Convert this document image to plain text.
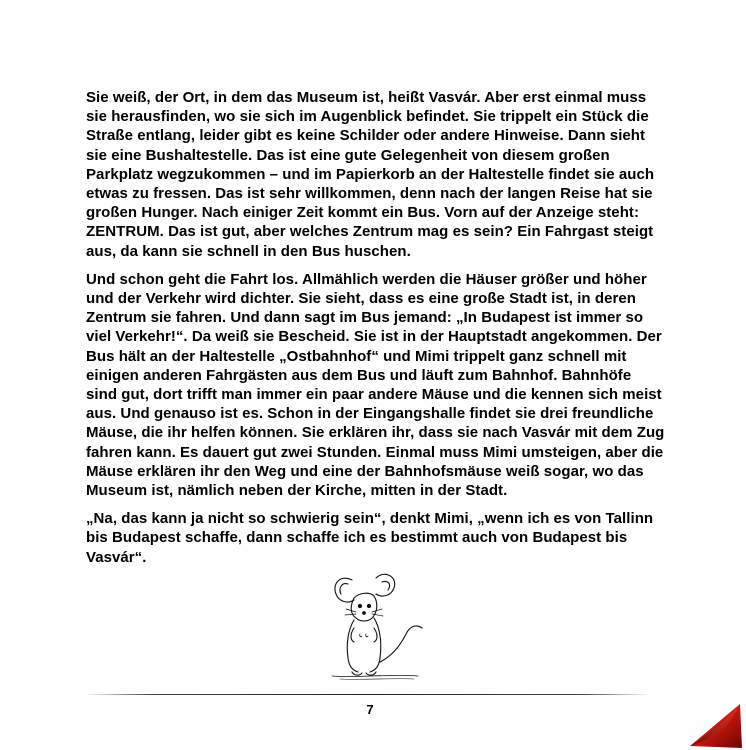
Sie weiß, der Ort, in dem das Museum ist, heißt Vasvár. Aber erst einmal muss sie herausfinden, wo sie sich im Augenblick befindet. Sie trippelt ein Stück die Straße entlang, leider gibt es keine Schilder oder andere Hinweise. Dann sieht sie eine Bushaltestelle. Das ist eine gute Gelegenheit von diesem großen Parkplatz wegzukommen – und im Papierkorb an der Haltestelle findet sie auch etwas zu fressen. Das ist sehr willkommen, denn nach der langen Reise hat sie großen Hunger. Nach einiger Zeit kommt ein Bus. Vorn auf der Anzeige steht: ZENTRUM. Das ist gut, aber welches Zentrum mag es sein? Ein Fahrgast steigt aus, da kann sie schnell in den Bus huschen.

Und schon geht die Fahrt los. Allmählich werden die Häuser größer und höher und der Verkehr wird dichter. Sie sieht, dass es eine große Stadt ist, in deren Zentrum sie fahren. Und dann sagt im Bus jemand: „In Budapest ist immer so viel Verkehr!“. Da weiß sie Bescheid. Sie ist in der Hauptstadt angekommen. Der Bus hält an der Haltestelle „Ostbahnhof“ und Mimi trippelt ganz schnell mit einigen anderen Fahrgästen aus dem Bus und läuft zum Bahnhof. Bahnhöfe sind gut, dort trifft man immer ein paar andere Mäuse und die kennen sich meist aus. Und genauso ist es. Schon in der Eingangshalle findet sie drei freundliche Mäuse, die ihr helfen können. Sie erklären ihr, dass sie nach Vasvár mit dem Zug fahren kann. Es dauert gut zwei Stunden. Einmal muss Mimi umsteigen, aber die Mäuse erklären ihr den Weg und eine der Bahnhofsmäuse weiß sogar, wo das Museum ist, nämlich neben der Kirche, mitten in der Stadt.

„Na, das kann ja nicht so schwierig sein“, denkt Mimi, „wenn ich es von Tallinn bis Budapest schaffe, dann schaffe ich es bestimmt auch von Budapest bis Vasvár“.

7
